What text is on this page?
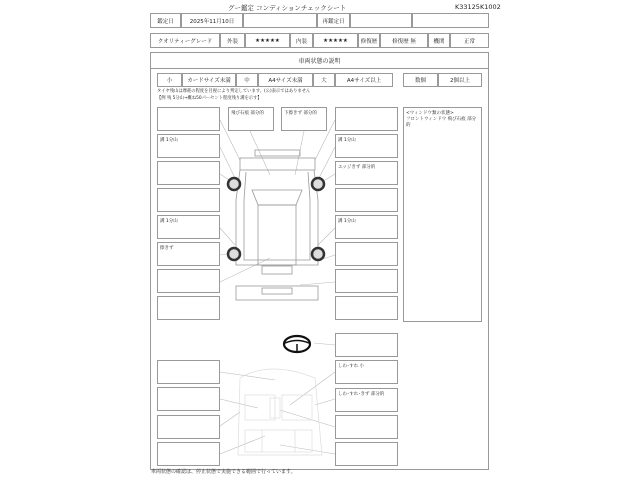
グー鑑定 コンディションチェックシート	K33125K1002
鑑定日	2025年11月10日	再鑑定日
クオリティーグレード	外装	★★★★★	内装	★★★★★	修復歴	修復歴 無	機関	正常
車両状態の説明
小	カードサイズ未満	中	A4サイズ未満	大	A4サイズ以上	数個	2個以上
タイヤ残山は摩耗の程度を目視により判定しています。(公)表示ではありません
【例 残 5分山→概ね50パーセント程度残り溝を示す】
溝 1分山
溝 1分山
擦きず
溝 1分山
エッジきず 部分的
溝 1分山
しわ･すれ 小
しわ･すれ･きず 部分的
飛び石痕 部分的	下擦きず 部分的	<ウィンドウ類の状態>
フロントウィンドウ 飛び石痕 部分的
車両状態の確認は、停止状態で実施できる範囲で行っています。
